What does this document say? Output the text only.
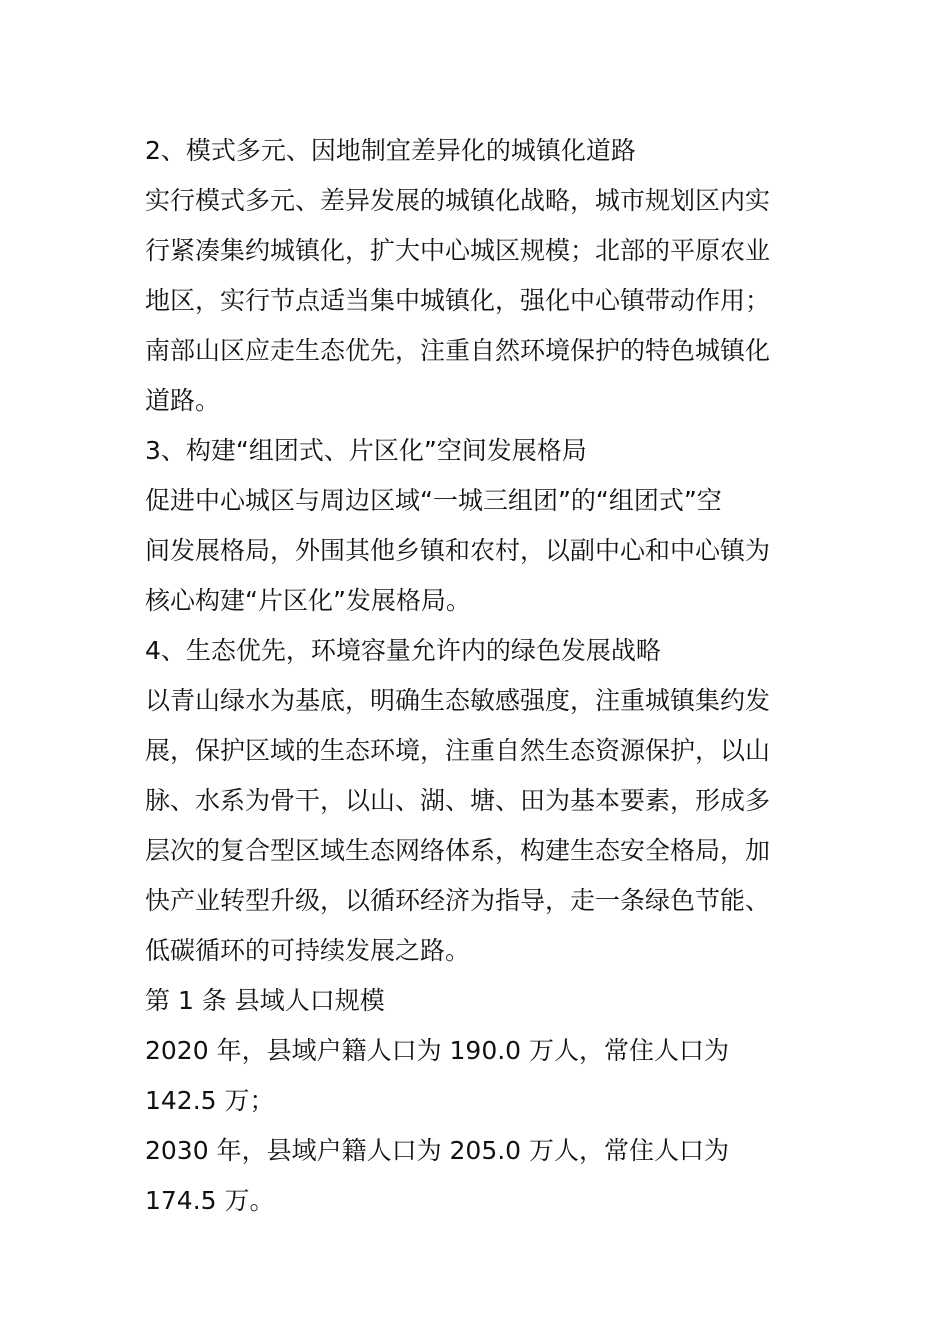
2、模式多元、因地制宜差异化的城镇化道路
实行模式多元、差异发展的城镇化战略，城市规划区内实
行紧凑集约城镇化，扩大中心城区规模；北部的平原农业
地区，实行节点适当集中城镇化，强化中心镇带动作用；
南部山区应走生态优先，注重自然环境保护的特色城镇化
道路。
3、构建“组团式、片区化”空间发展格局
促进中心城区与周边区域“一城三组团”的“组团式”空
间发展格局，外围其他乡镇和农村，以副中心和中心镇为
核心构建“片区化”发展格局。
4、生态优先，环境容量允许内的绿色发展战略
以青山绿水为基底，明确生态敏感强度，注重城镇集约发
展，保护区域的生态环境，注重自然生态资源保护，以山
脉、水系为骨干，以山、湖、塘、田为基本要素，形成多
层次的复合型区域生态网络体系，构建生态安全格局，加
快产业转型升级，以循环经济为指导，走一条绿色节能、
低碳循环的可持续发展之路。
第 1 条 县域人口规模
2020 年，县域户籍人口为 190.0 万人，常住人口为
142.5 万；
2030 年，县域户籍人口为 205.0 万人，常住人口为
174.5 万。
